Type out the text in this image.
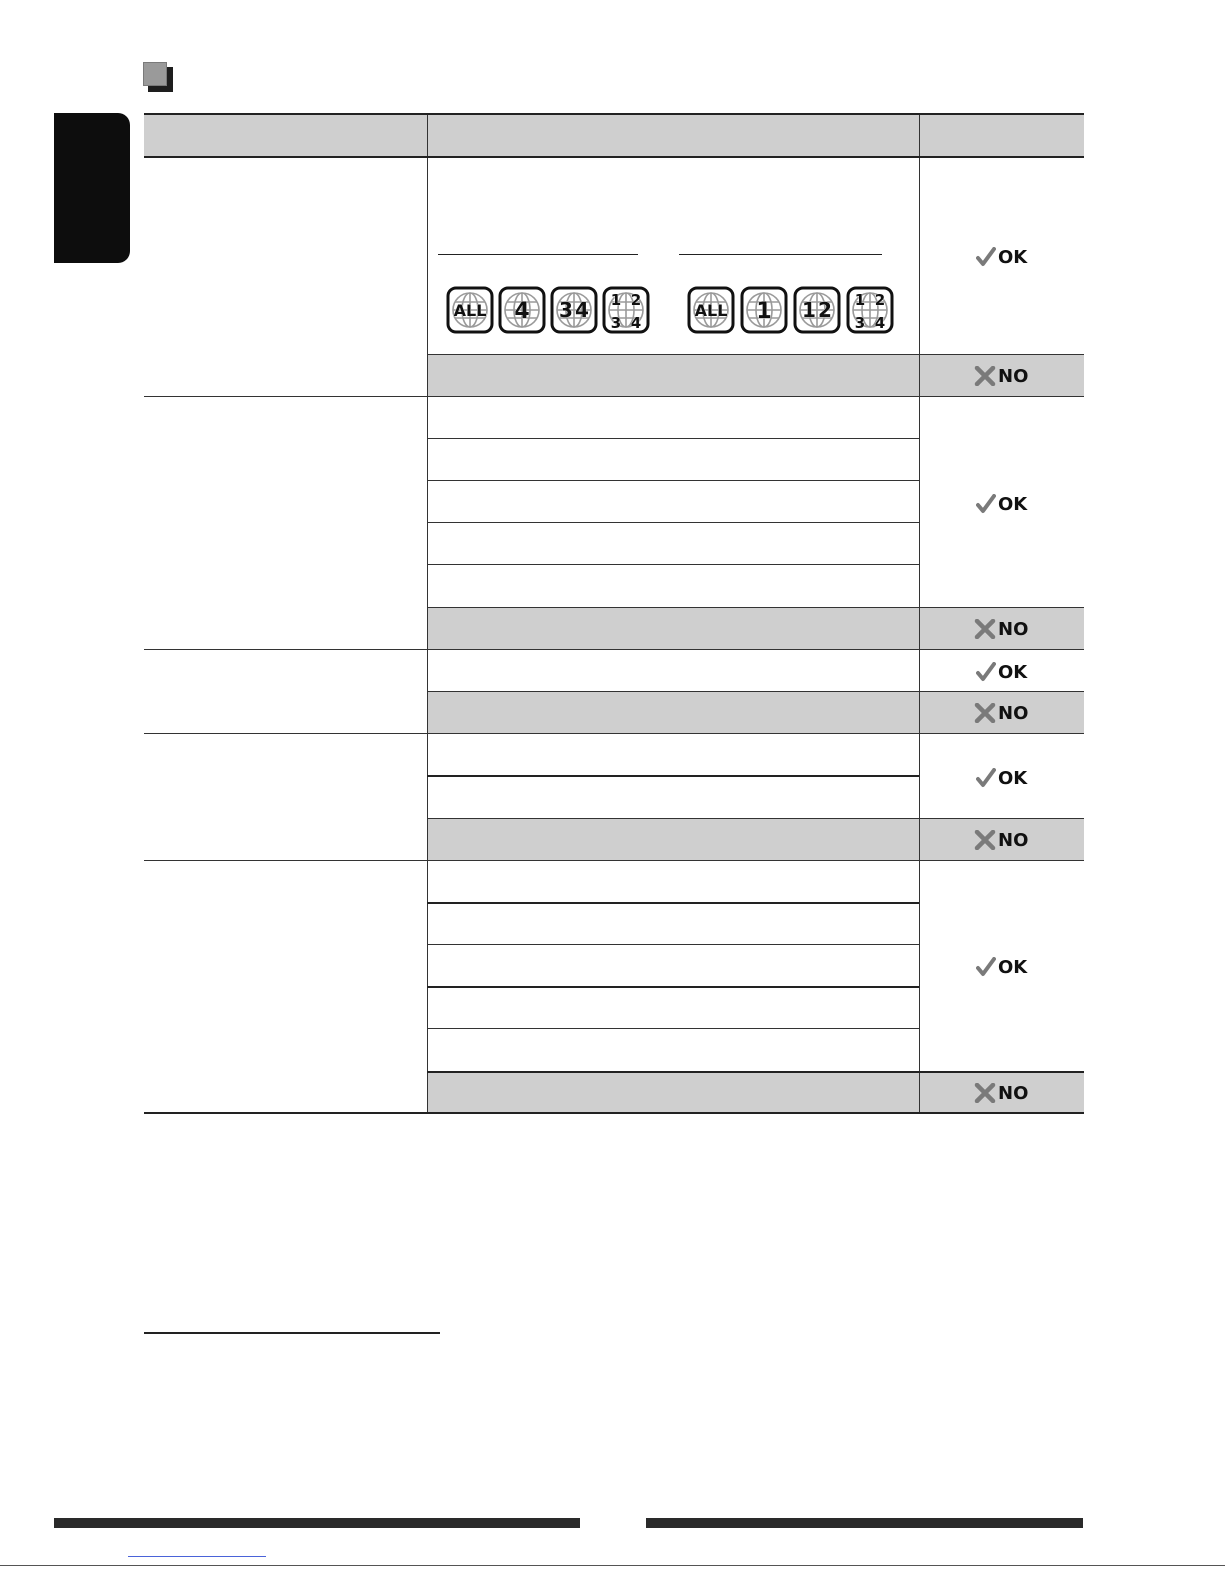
ALL 4 3 4 1 2
3 4
ALL 1 1 2 1 2
3 4
OK
NO
OK
NO
OK
NO
OK
NO
OK
NO
